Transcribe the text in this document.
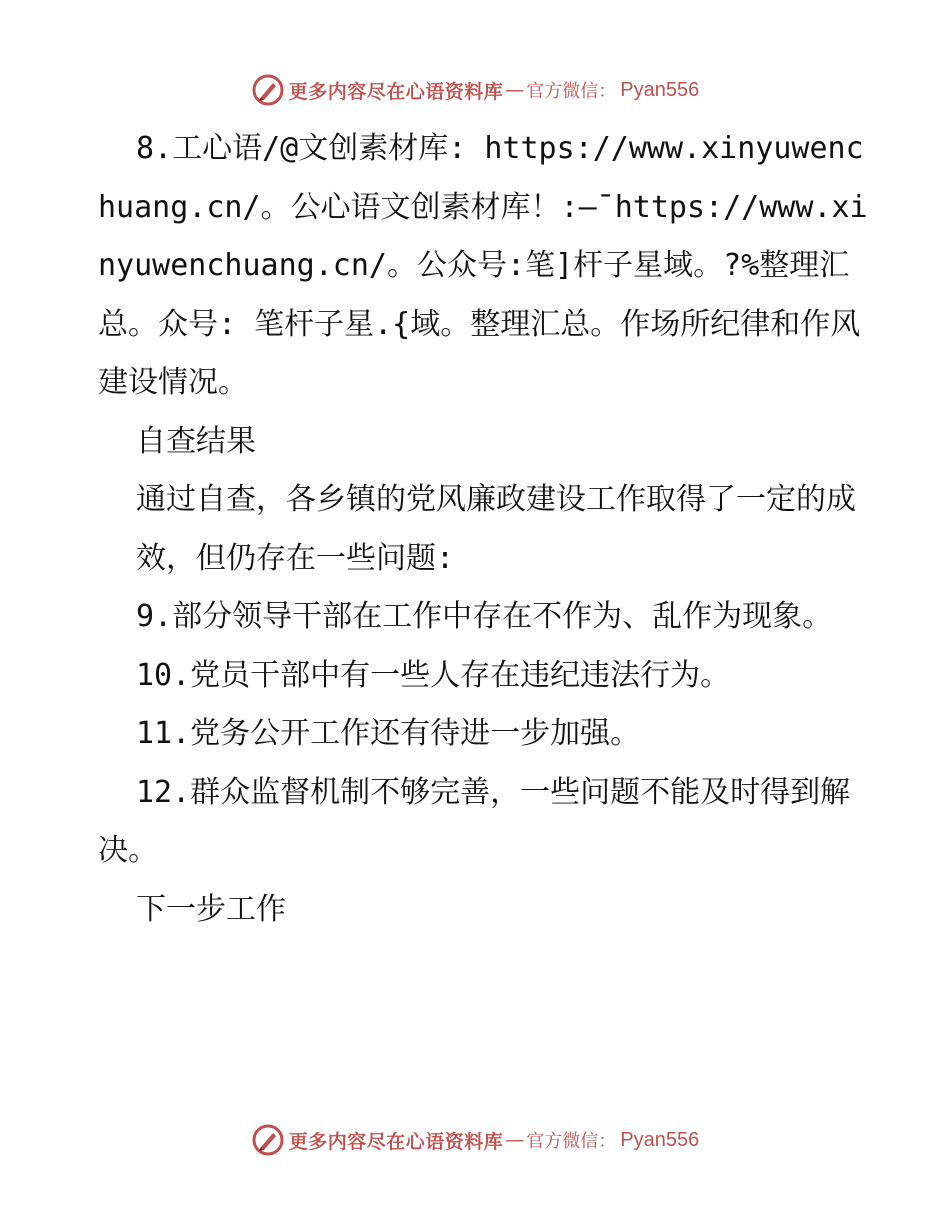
更多内容尽在心语资料库 — 官方微信： Pyan556

8.工心语/@文创素材库: https://www.xinyuwenchuang.cn/。公心语文创素材库！:—¯https://www.xinyuwenchuang.cn/。公众号:笔]杆子星域。?%整理汇总。众号: 笔杆子星.{域。整理汇总。作场所纪律和作风建设情况。

自查结果

通过自查，各乡镇的党风廉政建设工作取得了一定的成

效，但仍存在一些问题:

9.部分领导干部在工作中存在不作为、乱作为现象。

10.党员干部中有一些人存在违纪违法行为。

11.党务公开工作还有待进一步加强。

12.群众监督机制不够完善，一些问题不能及时得到解决。

下一步工作

更多内容尽在心语资料库 — 官方微信： Pyan556
